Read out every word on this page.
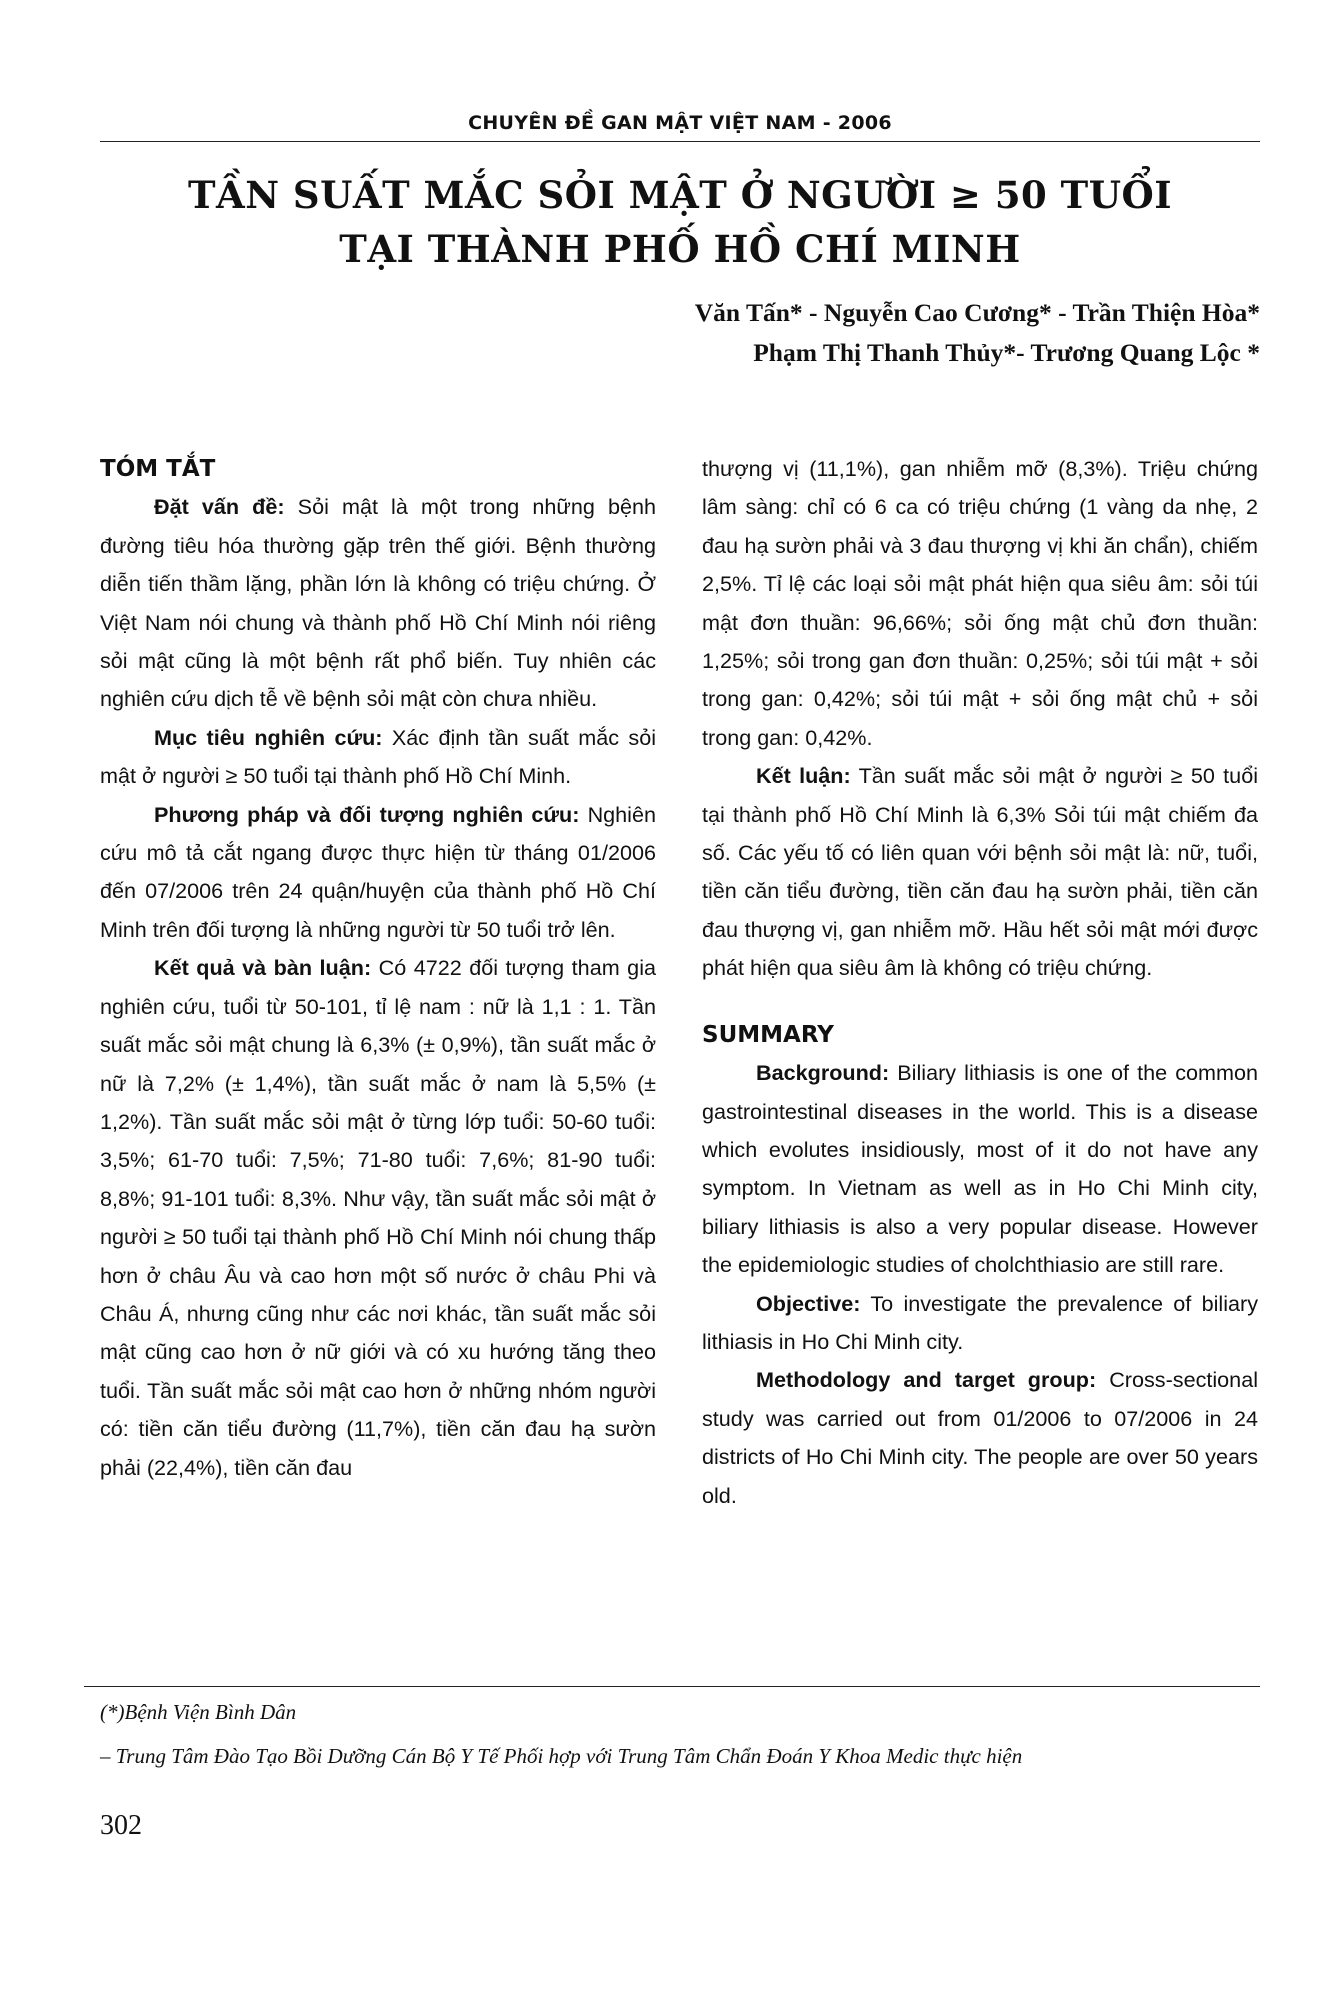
CHUYÊN ĐỀ GAN MẬT VIỆT NAM - 2006
TẦN SUẤT MẮC SỎI MẬT Ở NGƯỜI ≥ 50 TUỔI
TẠI THÀNH PHỐ HỒ CHÍ MINH
Văn Tấn* - Nguyễn Cao Cương* - Trần Thiện Hòa*
Phạm Thị Thanh Thủy*- Trương Quang Lộc *
TÓM TẮT

Đặt vấn đề: Sỏi mật là một trong những bệnh đường tiêu hóa thường gặp trên thế giới. Bệnh thường diễn tiến thầm lặng, phần lớn là không có triệu chứng. Ở Việt Nam nói chung và thành phố Hồ Chí Minh nói riêng sỏi mật cũng là một bệnh rất phổ biến. Tuy nhiên các nghiên cứu dịch tễ về bệnh sỏi mật còn chưa nhiều.

Mục tiêu nghiên cứu: Xác định tần suất mắc sỏi mật ở người ≥ 50 tuổi tại thành phố Hồ Chí Minh.

Phương pháp và đối tượng nghiên cứu: Nghiên cứu mô tả cắt ngang được thực hiện từ tháng 01/2006 đến 07/2006 trên 24 quận/huyện của thành phố Hồ Chí Minh trên đối tượng là những người từ 50 tuổi trở lên.

Kết quả và bàn luận: Có 4722 đối tượng tham gia nghiên cứu, tuổi từ 50-101, tỉ lệ nam : nữ là 1,1 : 1. Tần suất mắc sỏi mật chung là 6,3% (± 0,9%), tần suất mắc ở nữ là 7,2% (± 1,4%), tần suất mắc ở nam là 5,5% (± 1,2%). Tần suất mắc sỏi mật ở từng lớp tuổi: 50-60 tuổi: 3,5%; 61-70 tuổi: 7,5%; 71-80 tuổi: 7,6%; 81-90 tuổi: 8,8%; 91-101 tuổi: 8,3%. Như vậy, tần suất mắc sỏi mật ở người ≥ 50 tuổi tại thành phố Hồ Chí Minh nói chung thấp hơn ở châu Âu và cao hơn một số nước ở châu Phi và Châu Á, nhưng cũng như các nơi khác, tần suất mắc sỏi mật cũng cao hơn ở nữ giới và có xu hướng tăng theo tuổi. Tần suất mắc sỏi mật cao hơn ở những nhóm người có: tiền căn tiểu đường (11,7%), tiền căn đau hạ sườn phải (22,4%), tiền căn đau

thượng vị (11,1%), gan nhiễm mỡ (8,3%). Triệu chứng lâm sàng: chỉ có 6 ca có triệu chứng (1 vàng da nhẹ, 2 đau hạ sườn phải và 3 đau thượng vị khi ăn chẩn), chiếm 2,5%. Tỉ lệ các loại sỏi mật phát hiện qua siêu âm: sỏi túi mật đơn thuần: 96,66%; sỏi ống mật chủ đơn thuần: 1,25%; sỏi trong gan đơn thuần: 0,25%; sỏi túi mật + sỏi trong gan: 0,42%; sỏi túi mật + sỏi ống mật chủ + sỏi trong gan: 0,42%.

Kết luận: Tần suất mắc sỏi mật ở người ≥ 50 tuổi tại thành phố Hồ Chí Minh là 6,3% Sỏi túi mật chiếm đa số. Các yếu tố có liên quan với bệnh sỏi mật là: nữ, tuổi, tiền căn tiểu đường, tiền căn đau hạ sườn phải, tiền căn đau thượng vị, gan nhiễm mỡ. Hầu hết sỏi mật mới được phát hiện qua siêu âm là không có triệu chứng.

SUMMARY

Background: Biliary lithiasis is one of the common gastrointestinal diseases in the world. This is a disease which evolutes insidiously, most of it do not have any symptom. In Vietnam as well as in Ho Chi Minh city, biliary lithiasis is also a very popular disease. However the epidemiologic studies of cholchthiasio are still rare.

Objective: To investigate the prevalence of biliary lithiasis in Ho Chi Minh city.

Methodology and target group: Cross-sectional study was carried out from 01/2006 to 07/2006 in 24 districts of Ho Chi Minh city. The people are over 50 years old.

(*)Bệnh Viện Bình Dân
– Trung Tâm Đào Tạo Bồi Dưỡng Cán Bộ Y Tế Phối hợp với Trung Tâm Chẩn Đoán Y Khoa Medic thực hiện
302
